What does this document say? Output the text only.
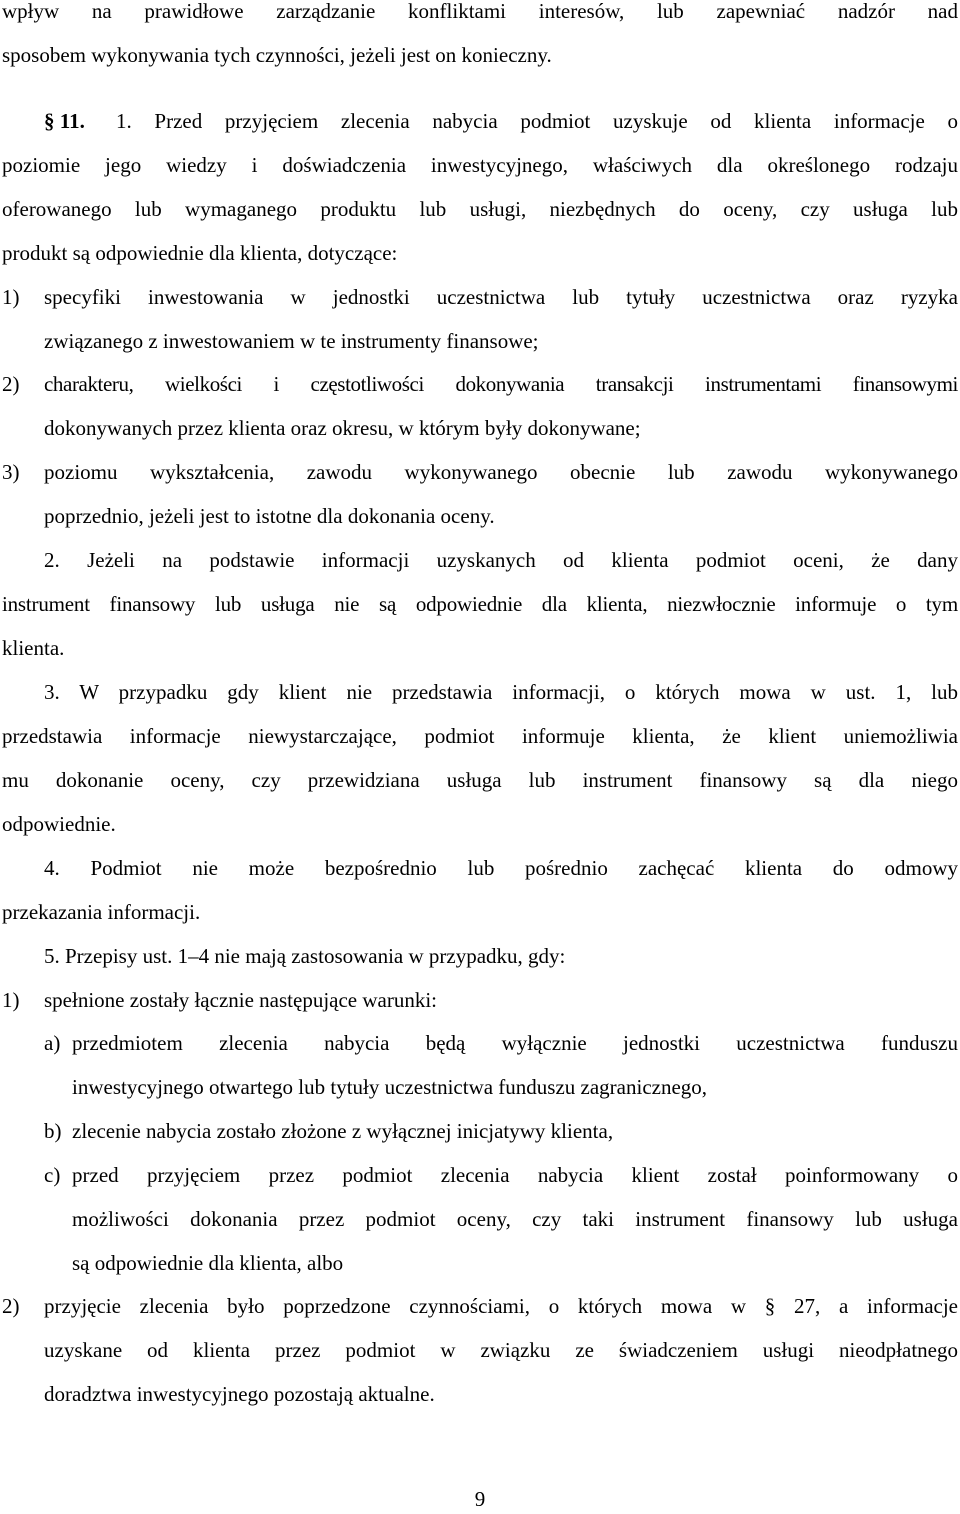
wpływ na prawidłowe zarządzanie konfliktami interesów, lub zapewniać nadzór nad
sposobem wykonywania tych czynności, jeżeli jest on konieczny.
§ 11.	1. Przed przyjęciem zlecenia nabycia podmiot uzyskuje od klienta informacje o
poziomie jego wiedzy i doświadczenia inwestycyjnego, właściwych dla określonego rodzaju
oferowanego lub wymaganego produktu lub usługi, niezbędnych do oceny, czy usługa lub
produkt są odpowiednie dla klienta, dotyczące:
1)	specyfiki inwestowania w jednostki uczestnictwa lub tytuły uczestnictwa oraz ryzyka
związanego z inwestowaniem w te instrumenty finansowe;
2)	charakteru, wielkości i częstotliwości dokonywania transakcji instrumentami finansowymi
dokonywanych przez klienta oraz okresu, w którym były dokonywane;
3)	poziomu wykształcenia, zawodu wykonywanego obecnie lub zawodu wykonywanego
poprzednio, jeżeli jest to istotne dla dokonania oceny.
2. Jeżeli na podstawie informacji uzyskanych od klienta podmiot oceni, że dany
instrument finansowy lub usługa nie są odpowiednie dla klienta, niezwłocznie informuje o tym
klienta.
3. W przypadku gdy klient nie przedstawia informacji, o których mowa w ust. 1, lub
przedstawia informacje niewystarczające, podmiot informuje klienta, że klient uniemożliwia
mu dokonanie oceny, czy przewidziana usługa lub instrument finansowy są dla niego
odpowiednie.
4. Podmiot nie może bezpośrednio lub pośrednio zachęcać klienta do odmowy
przekazania informacji.
5. Przepisy ust. 1–4 nie mają zastosowania w przypadku, gdy:
1)	spełnione zostały łącznie następujące warunki:
a) przedmiotem zlecenia nabycia będą wyłącznie jednostki uczestnictwa funduszu
inwestycyjnego otwartego lub tytuły uczestnictwa funduszu zagranicznego,
b) zlecenie nabycia zostało złożone z wyłącznej inicjatywy klienta,
c) przed przyjęciem przez podmiot zlecenia nabycia klient został poinformowany o
możliwości dokonania przez podmiot oceny, czy taki instrument finansowy lub usługa
są odpowiednie dla klienta, albo
2)	przyjęcie zlecenia było poprzedzone czynnościami, o których mowa w § 27, a informacje
uzyskane od klienta przez podmiot w związku ze świadczeniem usługi nieodpłatnego
doradztwa inwestycyjnego pozostają aktualne.
9
